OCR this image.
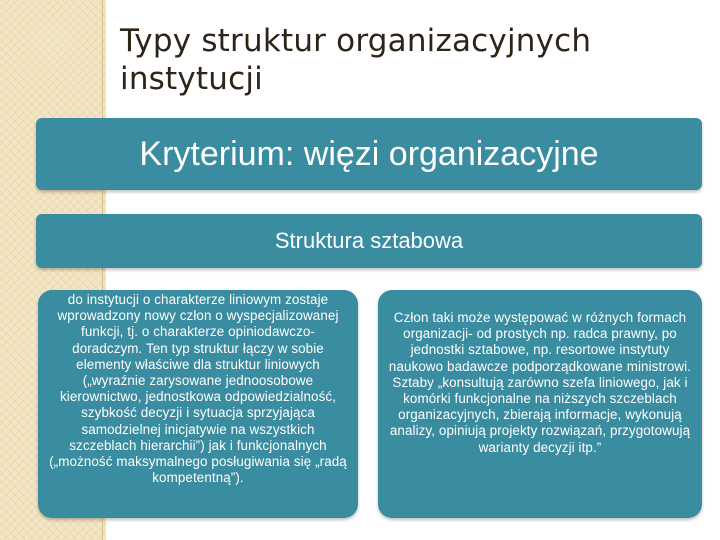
Typy struktur organizacyjnych instytucji
Kryterium: więzi organizacyjne
Struktura sztabowa
do instytucji o charakterze liniowym zostaje wprowadzony nowy człon o wyspecjalizowanej funkcji, tj. o charakterze opiniodawczo-doradczym. Ten typ struktur łączy w sobie elementy właściwe dla struktur liniowych („wyraźnie zarysowane jednoosobowe kierownictwo, jednostkowa odpowiedzialność, szybkość decyzji i sytuacja sprzyjająca samodzielnej inicjatywie na wszystkich szczeblach hierarchii”) jak i funkcjonalnych („możność maksymalnego posługiwania się „radą kompetentną”).
Człon taki może występować w różnych formach organizacji- od prostych np. radca prawny, po jednostki sztabowe, np. resortowe instytuty naukowo badawcze podporządkowane ministrowi. Sztaby „konsultują zarówno szefa liniowego, jak i komórki funkcjonalne na niższych szczeblach organizacyjnych, zbierają informacje, wykonują analizy, opiniują projekty rozwiązań, przygotowują warianty decyzji itp.”
